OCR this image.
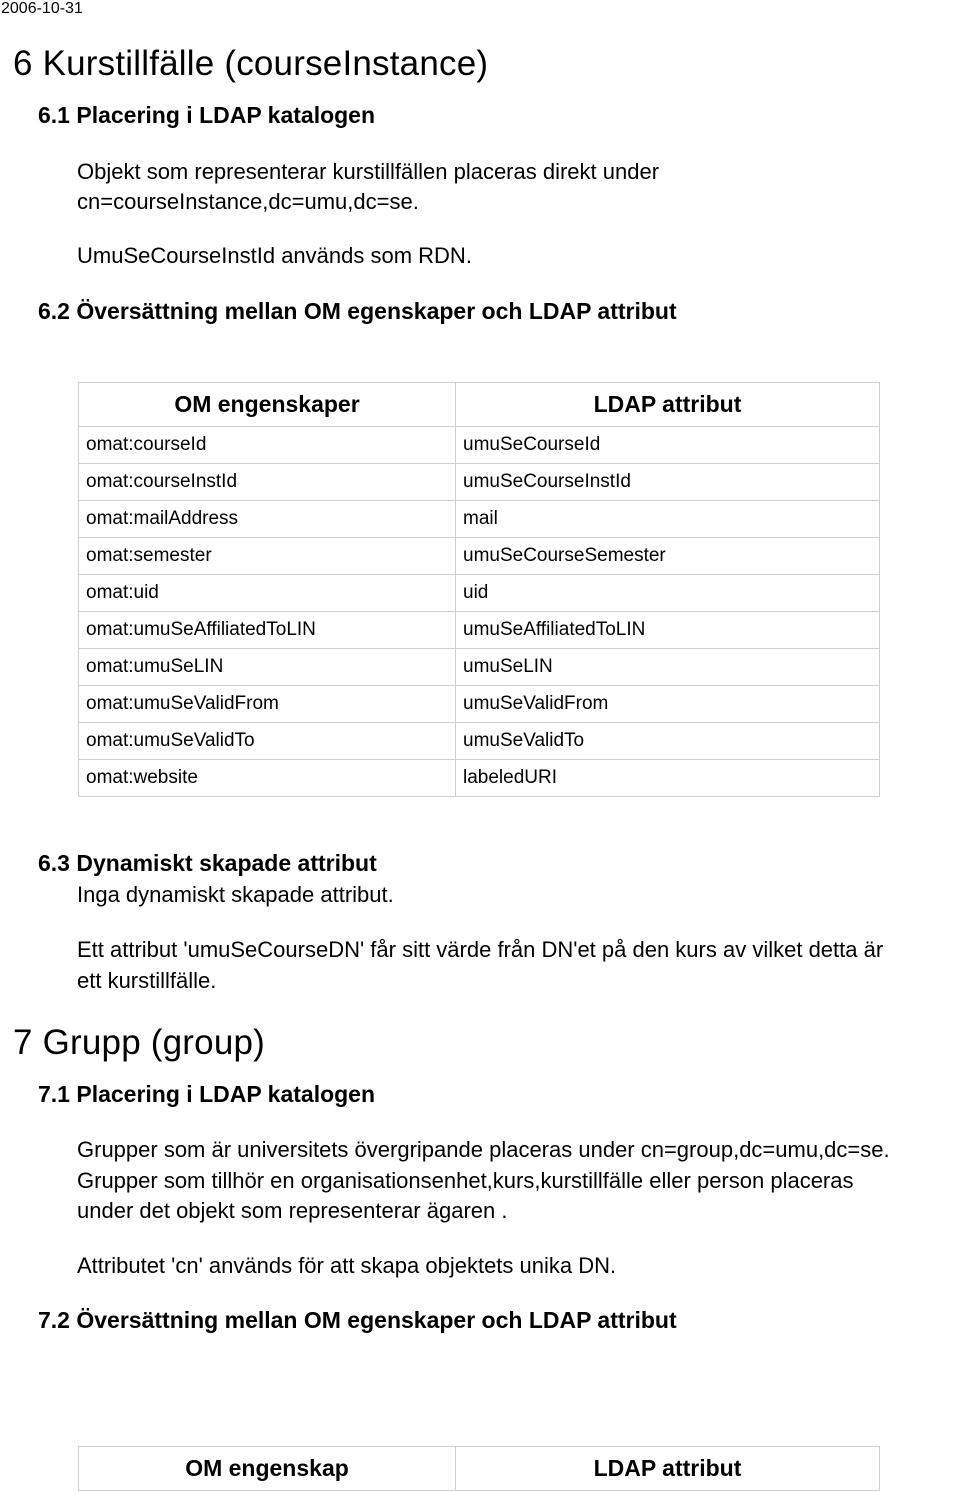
2006-10-31
6 Kurstillfälle (courseInstance)
6.1 Placering i LDAP katalogen
Objekt som representerar kurstillfällen placeras direkt under
cn=courseInstance,dc=umu,dc=se.
UmuSeCourseInstId används som RDN.
6.2 Översättning mellan OM egenskaper och LDAP attribut
OM engenskaper	LDAP attribut
omat:courseId	umuSeCourseId
omat:courseInstId	umuSeCourseInstId
omat:mailAddress	mail
omat:semester	umuSeCourseSemester
omat:uid	uid
omat:umuSeAffiliatedToLIN	umuSeAffiliatedToLIN
omat:umuSeLIN	umuSeLIN
omat:umuSeValidFrom	umuSeValidFrom
omat:umuSeValidTo	umuSeValidTo
omat:website	labeledURI
6.3 Dynamiskt skapade attribut
Inga dynamiskt skapade attribut.
Ett attribut 'umuSeCourseDN' får sitt värde från DN'et på den kurs av vilket detta är
ett kurstillfälle.
7 Grupp (group)
7.1 Placering i LDAP katalogen
Grupper som är universitets övergripande placeras under cn=group,dc=umu,dc=se.
Grupper som tillhör en organisationsenhet,kurs,kurstillfälle eller person placeras
under det objekt som representerar ägaren .
Attributet 'cn' används för att skapa objektets unika DN.
7.2 Översättning mellan OM egenskaper och LDAP attribut
OM engenskap	LDAP attribut
